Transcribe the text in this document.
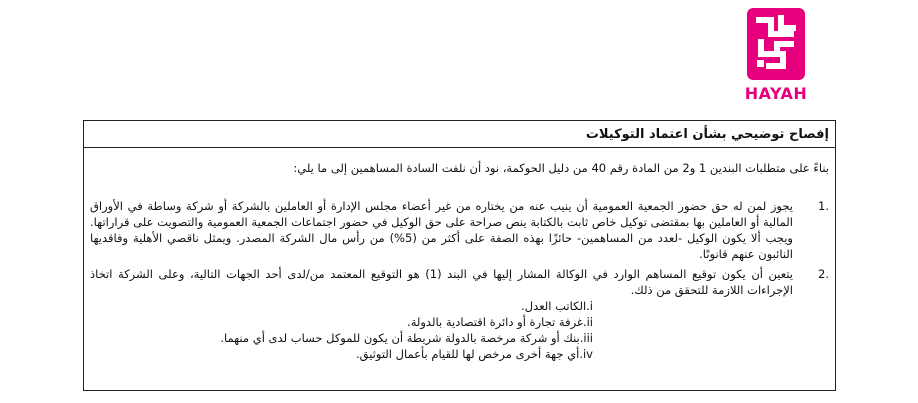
HAYAH
إفصاح توضيحي بشأن اعتماد التوكيلات

بناءً على متطلبات البندين 1 و2 من المادة رقم 40 من دليل الحوكمة، نود أن نلفت السادة المساهمين إلى ما يلي:

1.
يجوز لمن له حق حضور الجمعية العمومية أن ينيب عنه من يختاره من غير أعضاء مجلس الإدارة أو العاملين بالشركة أو شركة وساطة في الأوراق المالية أو العاملين بها بمقتضى توكيل خاص ثابت بالكتابة ينص صراحة على حق الوكيل في حضور اجتماعات الجمعية العمومية والتصويت على قراراتها. ويجب ألا يكون الوكيل -لعدد من المساهمين- حائزًا بهذه الصفة على أكثر من (5%) من رأس مال الشركة المصدر. ويمثل ناقصي الأهلية وفاقديها النائبون عنهم قانونًا.
2.
يتعين أن يكون توقيع المساهم الوارد في الوكالة المشار إليها في البند (1) هو التوقيع المعتمد من/لدى أحد الجهات التالية، وعلى الشركة اتخاذ الإجراءات اللازمة للتحقق من ذلك.
i.الكاتب العدل.
ii.غرفة تجارة أو دائرة اقتصادية بالدولة.
iii.بنك أو شركة مرخصة بالدولة شريطة أن يكون للموكل حساب لدى أي منهما.
iv.أي جهة أخرى مرخص لها للقيام بأعمال التوثيق.
